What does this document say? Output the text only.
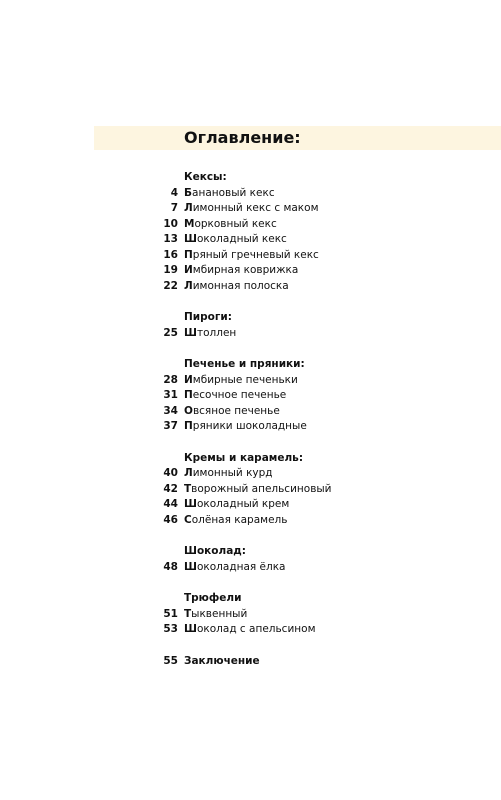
Оглавление:
Кексы:
4 Банановый кекс
7 Лимонный кекс с маком
10 Морковный кекс
13 Шоколадный кекс
16 Пряный гречневый кекс
19 Имбирная коврижка
22 Лимонная полоска
Пироги:
25 Штоллен
Печенье и пряники:
28 Имбирные печеньки
31 Песочное печенье
34 Овсяное печенье
37 Пряники шоколадные
Кремы и карамель:
40 Лимонный курд
42 Творожный апельсиновый
44 Шоколадный крем
46 Солёная карамель
Шоколад:
48 Шоколадная ёлка
Трюфели
51 Тыквенный
53 Шоколад с апельсином
55 Заключение
